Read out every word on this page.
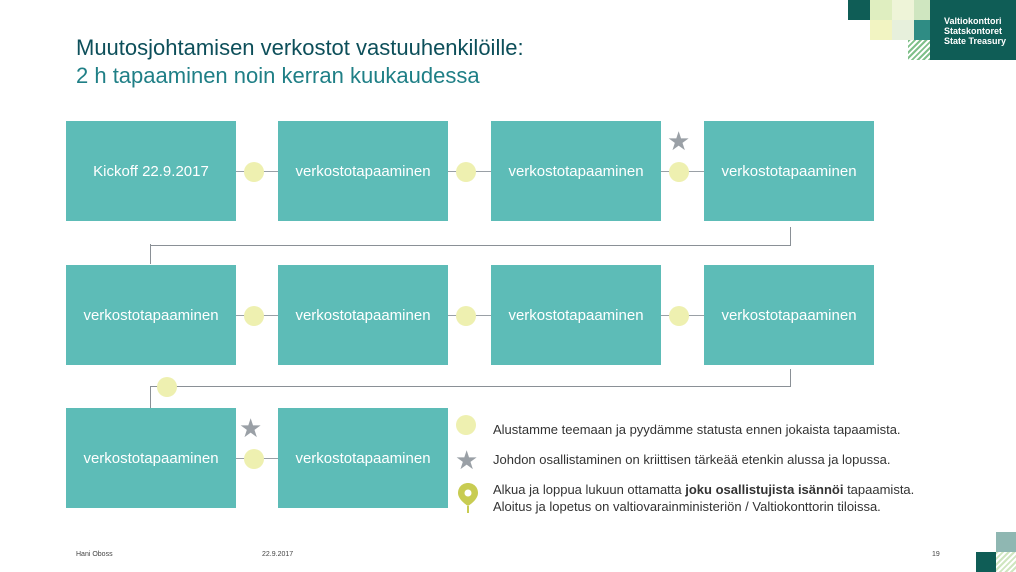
Muutosjohtamisen verkostot vastuuhenkilöille:
2 h tapaaminen noin kerran kuukaudessa
Valtiokonttori
Statskontoret
State Treasury
Kickoff 22.9.2017	verkostotapaaminen	verkostotapaaminen	verkostotapaaminen
★
verkostotapaaminen	verkostotapaaminen	verkostotapaaminen	verkostotapaaminen
verkostotapaaminen	verkostotapaaminen
★	Alustamme teemaan ja pyydämme statusta ennen jokaista tapaamista.
★ Johdon osallistaminen on kriittisen tärkeää etenkin alussa ja lopussa.
Alkua ja loppua lukuun ottamatta joku osallistujista isännöi tapaamista.
Aloitus ja lopetus on valtiovarainministeriön / Valtiokonttorin tiloissa.
Hani Oboss	22.9.2017	19
